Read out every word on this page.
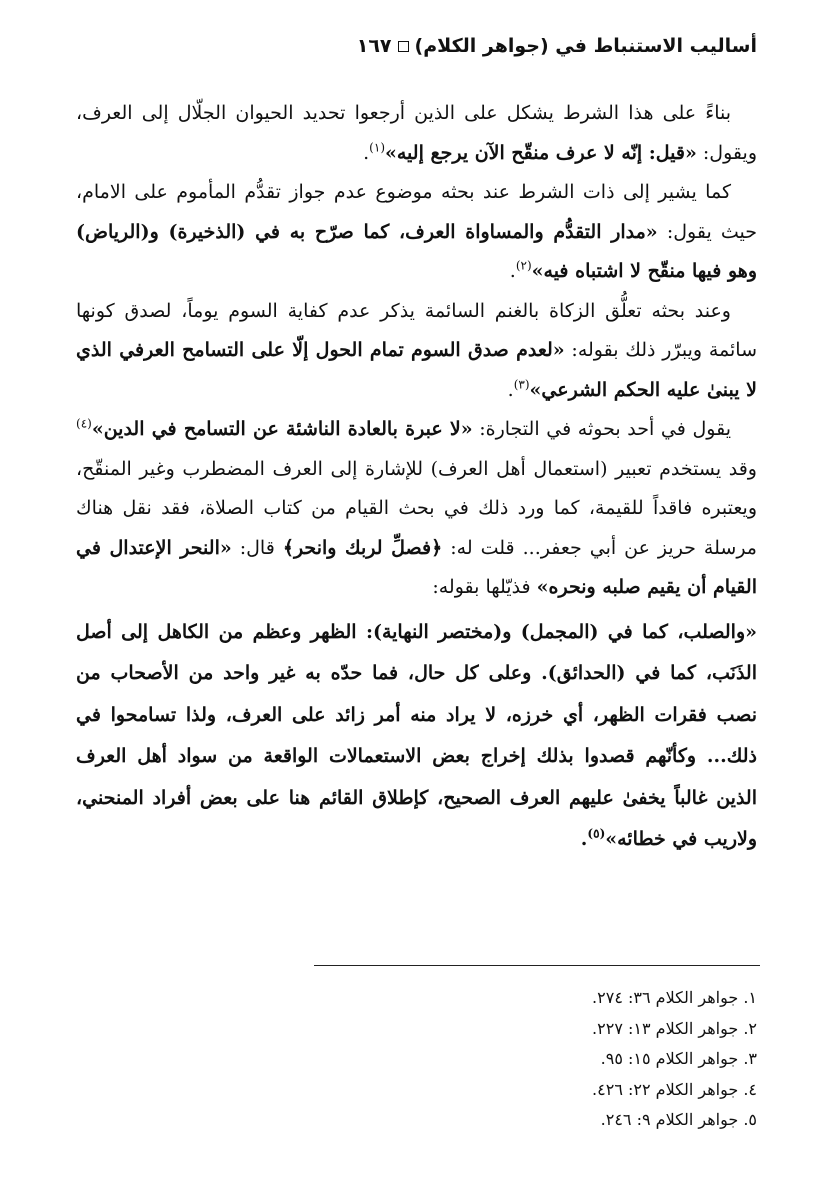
أساليب الاستنباط في (جواهر الكلام)١٦٧

بناءً على هذا الشرط يشكل على الذين أرجعوا تحديد الحيوان الجلّال إلى العرف، ويقول: «قيل: إنّه لا عرف منقّح الآن يرجع إليه»$^{(١)}$.

كما يشير إلى ذات الشرط عند بحثه موضوع عدم جواز تقدُّم المأموم على الامام، حيث يقول: «مدار التقدُّم والمساواة العرف، كما صرّح به في (الذخيرة) و(الرياض) وهو فيها منقّح لا اشتباه فيه»$^{(٢)}$.

وعند بحثه تعلُّق الزكاة بالغنم السائمة يذكر عدم كفاية السوم يوماً، لصدق كونها سائمة ويبرّر ذلك بقوله: «لعدم صدق السوم تمام الحول إلّا على التسامح العرفي الذي لا يبنىٰ عليه الحكم الشرعي»$^{(٣)}$.

يقول في أحد بحوثه في التجارة: «لا عبرة بالعادة الناشئة عن التسامح في الدين»$^{(٤)}$ وقد يستخدم تعبير (استعمال أهل العرف) للإشارة إلى العرف المضطرب وغير المنقّح، ويعتبره فاقداً للقيمة، كما ورد ذلك في بحث القيام من كتاب الصلاة، فقد نقل هناك مرسلة حريز عن أبي جعفر... قلت له: ﴿فصلِّ لربك وانحر﴾ قال: «النحر الإعتدال في القيام أن يقيم صلبه ونحره» فذيّلها بقوله:

«والصلب، كما في (المجمل) و(مختصر النهاية): الظهر وعظم من الكاهل إلى أصل الذَنَب، كما في (الحدائق). وعلى كل حال، فما حدّه به غير واحد من الأصحاب من نصب فقرات الظهر، أي خرزه، لا يراد منه أمر زائد على العرف، ولذا تسامحوا في ذلك... وكأنّهم قصدوا بذلك إخراج بعض الاستعمالات الواقعة من سواد أهل العرف الذين غالباً يخفىٰ عليهم العرف الصحيح، كإطلاق القائم هنا على بعض أفراد المنحني، ولاريب في خطائه»$^{(٥)}$.

١. جواهر الكلام ٣٦: ٢٧٤.

٢. جواهر الكلام ١٣: ٢٢٧.

٣. جواهر الكلام ١٥: ٩٥.

٤. جواهر الكلام ٢٢: ٤٢٦.

٥. جواهر الكلام ٩: ٢٤٦.
